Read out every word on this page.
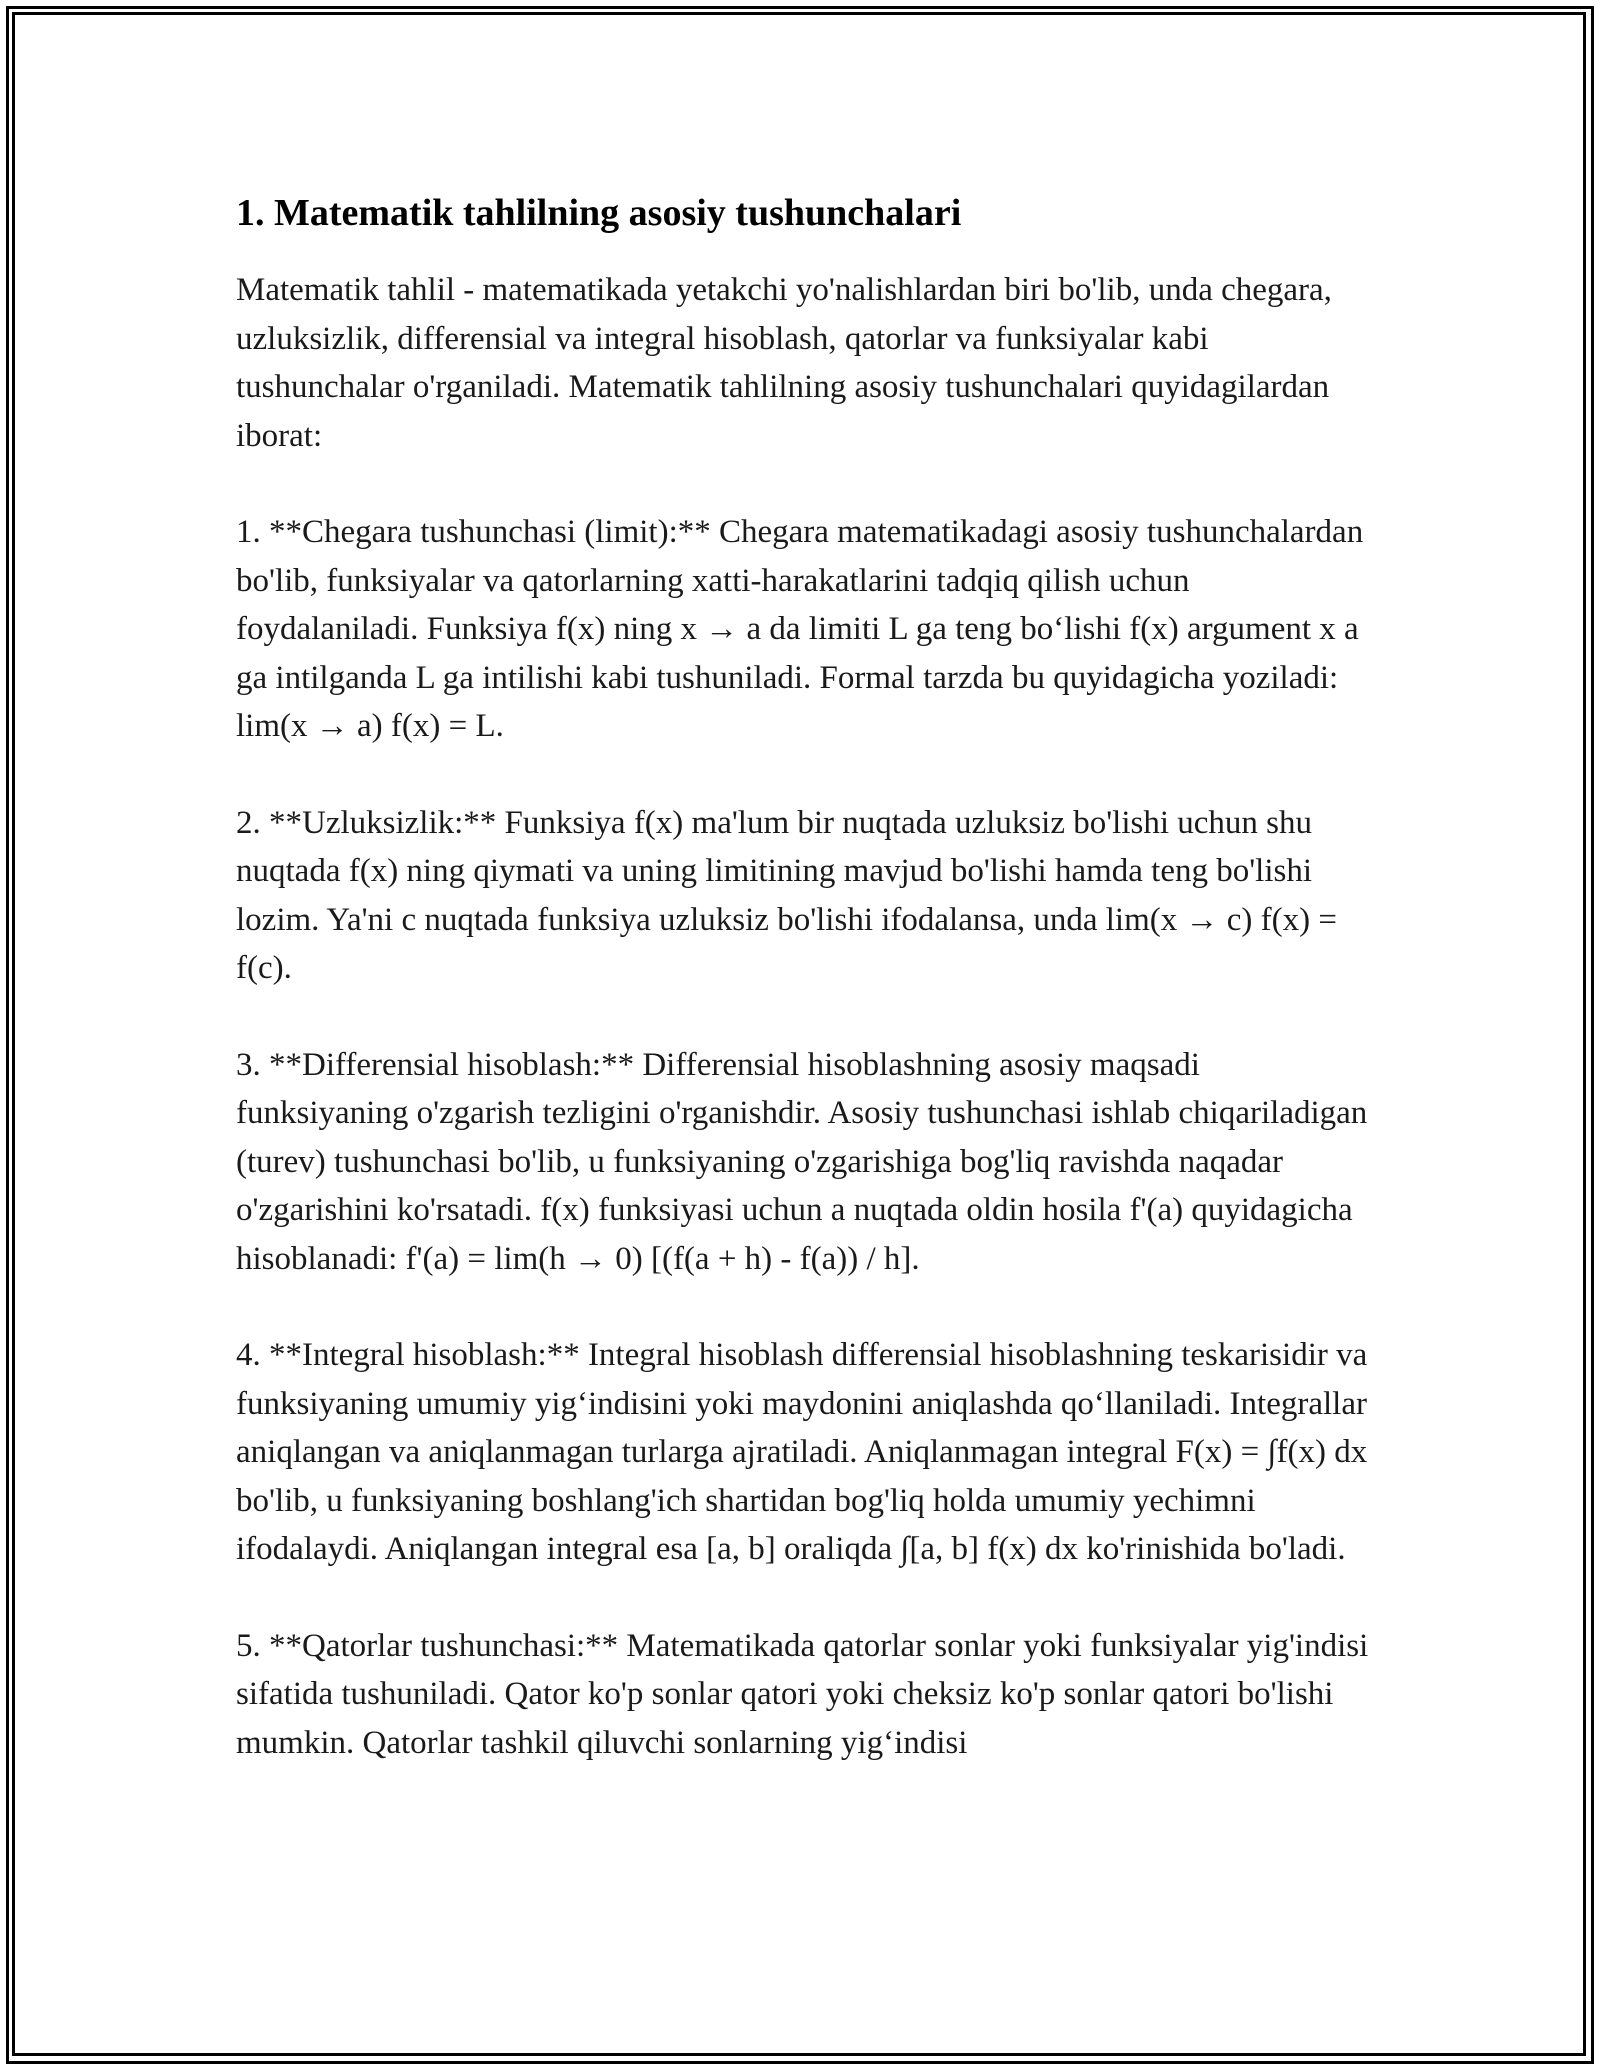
1. Matematik tahlilning asosiy tushunchalari

Matematik tahlil - matematikada yetakchi yo'nalishlardan biri bo'lib, unda chegara, uzluksizlik, differensial va integral hisoblash, qatorlar va funksiyalar kabi tushunchalar o'rganiladi. Matematik tahlilning asosiy tushunchalari quyidagilardan iborat:

1. **Chegara tushunchasi (limit):** Chegara matematikadagi asosiy tushunchalardan bo'lib, funksiyalar va qatorlarning xatti-harakatlarini tadqiq qilish uchun foydalaniladi. Funksiya f(x) ning x → a da limiti L ga teng bo‘lishi f(x) argument x a ga intilganda L ga intilishi kabi tushuniladi. Formal tarzda bu quyidagicha yoziladi: lim(x → a) f(x) = L.

2. **Uzluksizlik:** Funksiya f(x) ma'lum bir nuqtada uzluksiz bo'lishi uchun shu nuqtada f(x) ning qiymati va uning limitining mavjud bo'lishi hamda teng bo'lishi lozim. Ya'ni c nuqtada funksiya uzluksiz bo'lishi ifodalansa, unda lim(x → c) f(x) = f(c).

3. **Differensial hisoblash:** Differensial hisoblashning asosiy maqsadi funksiyaning o'zgarish tezligini o'rganishdir. Asosiy tushunchasi ishlab chiqariladigan (turev) tushunchasi bo'lib, u funksiyaning o'zgarishiga bog'liq ravishda naqadar o'zgarishini ko'rsatadi. f(x) funksiyasi uchun a nuqtada oldin hosila f'(a) quyidagicha hisoblanadi: f'(a) = lim(h → 0) [(f(a + h) - f(a)) / h].

4. **Integral hisoblash:** Integral hisoblash differensial hisoblashning teskarisidir va funksiyaning umumiy yig‘indisini yoki maydonini aniqlashda qo‘llaniladi. Integrallar aniqlangan va aniqlanmagan turlarga ajratiladi. Aniqlanmagan integral F(x) = ∫f(x) dx bo'lib, u funksiyaning boshlang'ich shartidan bog'liq holda umumiy yechimni ifodalaydi. Aniqlangan integral esa [a, b] oraliqda ∫[a, b] f(x) dx ko'rinishida bo'ladi.

5. **Qatorlar tushunchasi:** Matematikada qatorlar sonlar yoki funksiyalar yig'indisi sifatida tushuniladi. Qator ko'p sonlar qatori yoki cheksiz ko'p sonlar qatori bo'lishi mumkin. Qatorlar tashkil qiluvchi sonlarning yig‘indisi
